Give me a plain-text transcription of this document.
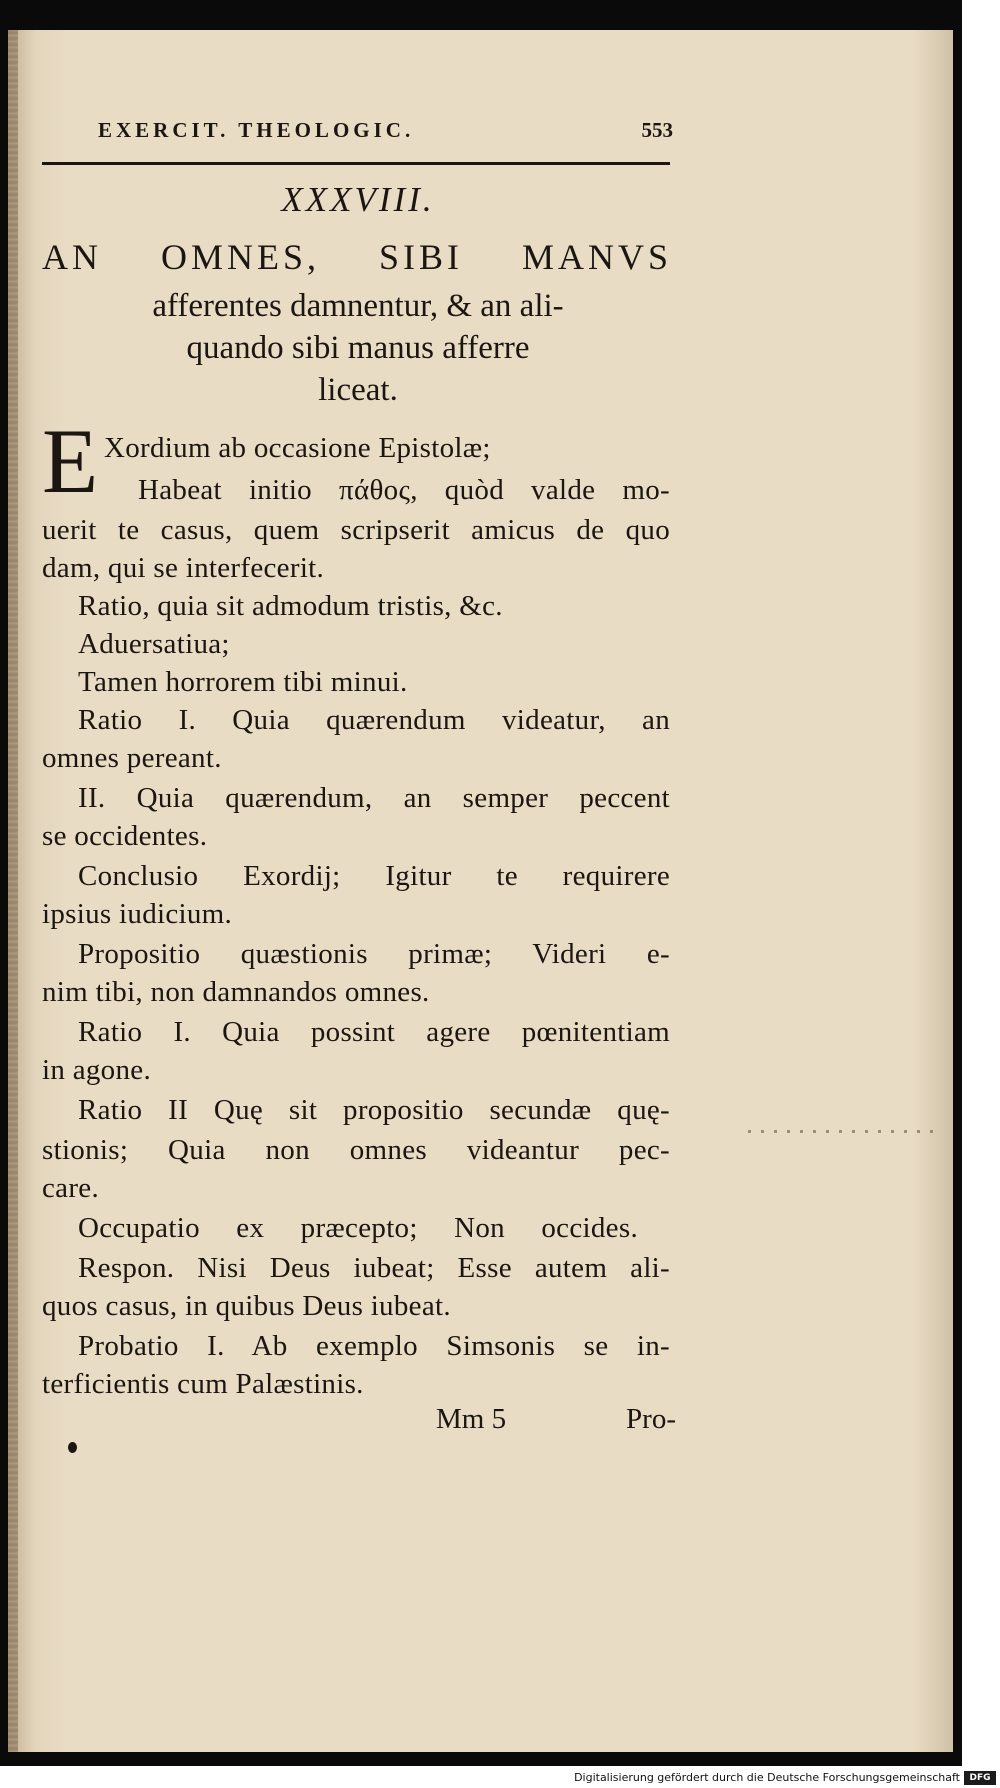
EXERCIT. THEOLOGIC.	553
XXXVIII.
AN OMNES, SIBI MANVS
afferentes damnentur, & an ali-
quando sibi manus afferre
liceat.
E Xordium ab occasione Epistolæ;
Habeat initio πάθος, quòd valde mo-
uerit te casus, quem scripserit amicus de quo
dam, qui se interfecerit.
Ratio, quia sit admodum tristis, &c.
Aduersatiua;
Tamen horrorem tibi minui.
Ratio I. Quia quærendum videatur, an
omnes pereant.
II. Quia quærendum, an semper peccent
se occidentes.
Conclusio Exordij; Igitur te requirere
ipsius iudicium.
Propositio quæstionis primæ; Videri e-
nim tibi, non damnandos omnes.
Ratio I. Quia possint agere pœnitentiam
in agone.
Ratio II Quę sit propositio secundæ quę-
stionis; Quia non omnes videantur pec-
care.
Occupatio ex præcepto; Non occides.
Respon. Nisi Deus iubeat; Esse autem ali-
quos casus, in quibus Deus iubeat.
Probatio I. Ab exemplo Simsonis se in-
terficientis cum Palæstinis.
Mm 5	Pro-
Digitalisierung gefördert durch die Deutsche Forschungsgemeinschaft	DFG
